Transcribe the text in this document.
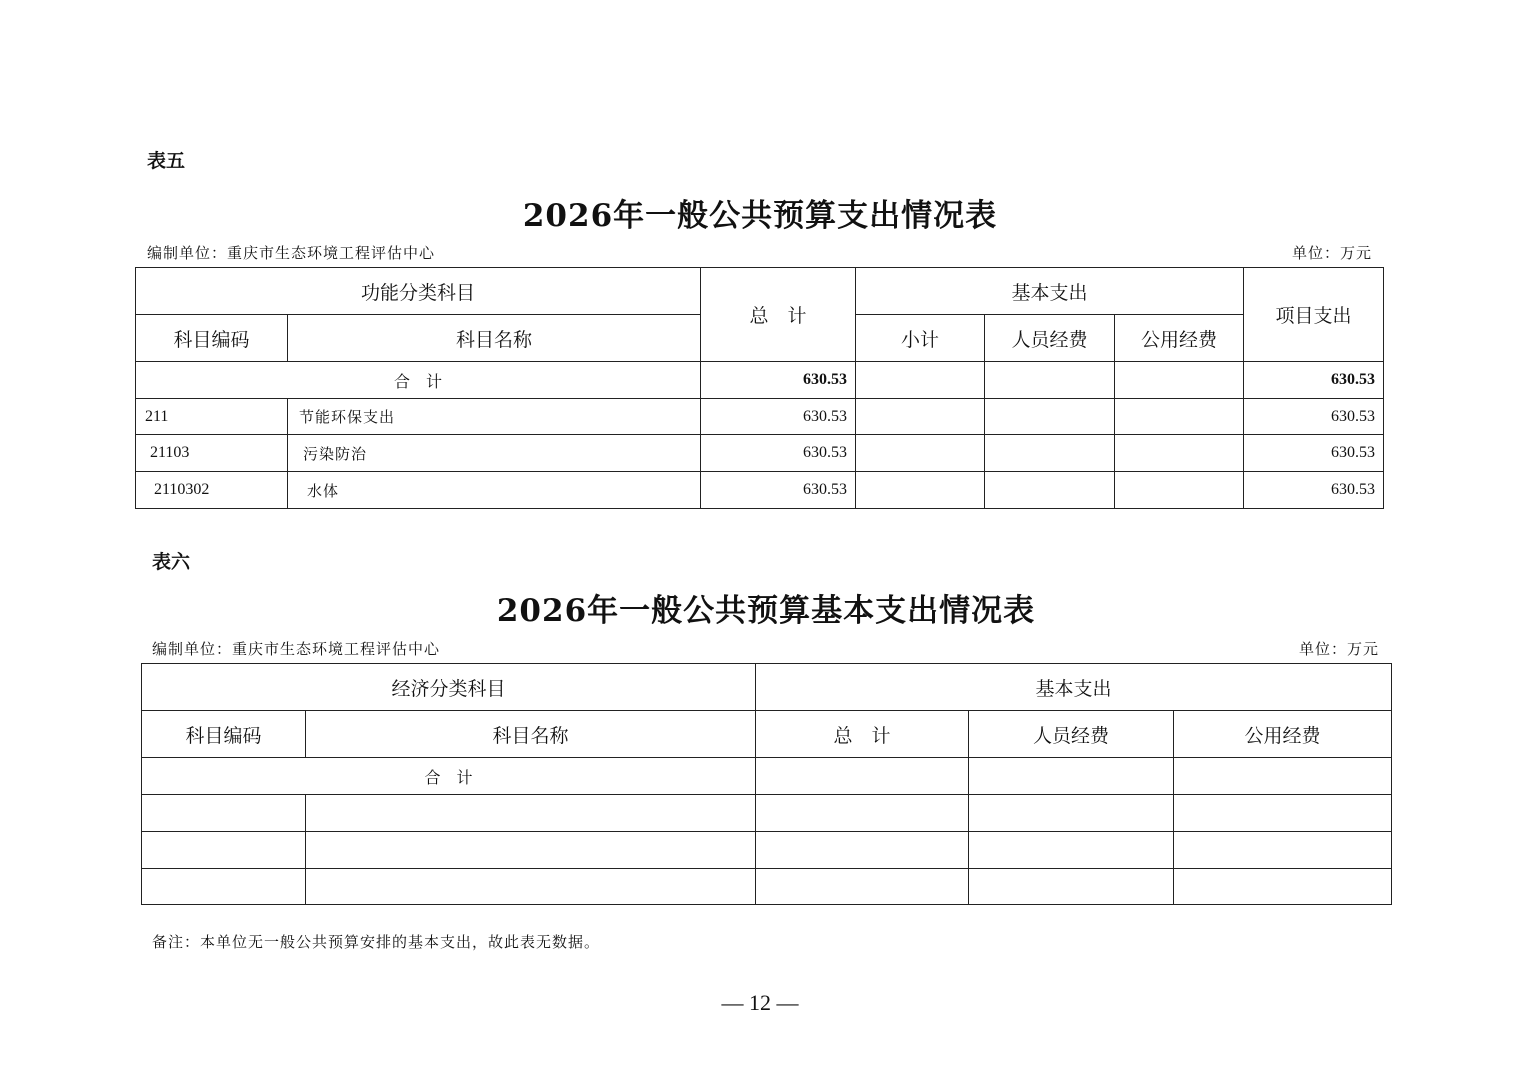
表五
2026年一般公共预算支出情况表
编制单位：重庆市生态环境工程评估中心	单位：万元
功能分类科目		总　计	基本支出			项目支出
科目编码	科目名称		小计	人员经费	公用经费	
合　计		630.53				630.53
211	节能环保支出	630.53				630.53
21103	污染防治	630.53				630.53
2110302	水体	630.53				630.53
表六
2026年一般公共预算基本支出情况表
编制单位：重庆市生态环境工程评估中心	单位：万元
经济分类科目		基本支出		
科目编码	科目名称	总　计	人员经费	公用经费
合　计				

备注：本单位无一般公共预算安排的基本支出，故此表无数据。
— 12 —
